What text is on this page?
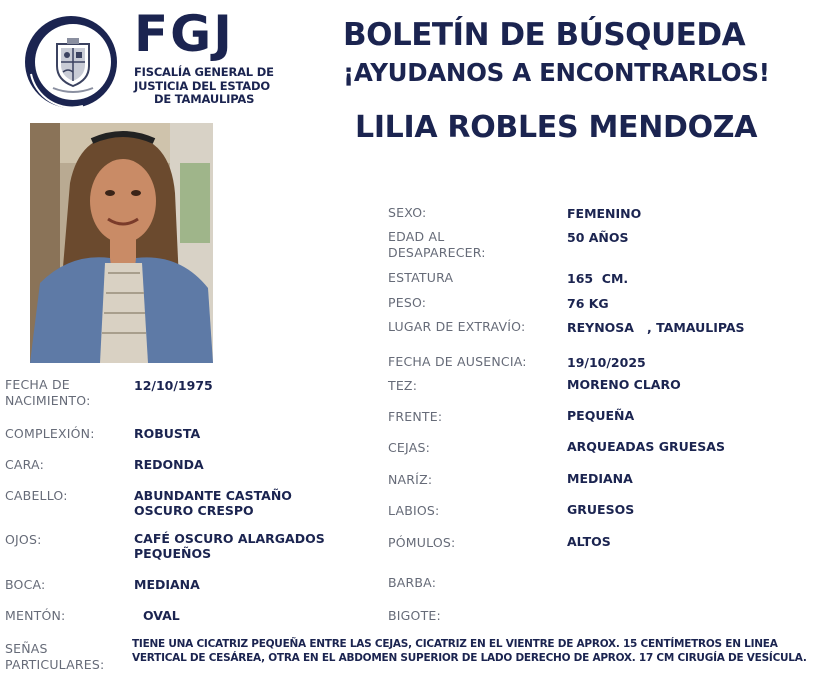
FGJ
FISCALÍA GENERAL DE
JUSTICIA DEL ESTADO
DE TAMAULIPAS
BOLETÍN DE BÚSQUEDA
¡AYUDANOS A ENCONTRARLOS!
LILIA ROBLES MENDOZA
SEXO:	FEMENINO
EDAD AL
DESAPARECER:
50 AÑOS
ESTATURA	165  CM.
PESO:	76 KG
LUGAR DE EXTRAVÍO:	REYNOSA   , TAMAULIPAS
FECHA DE AUSENCIA:	19/10/2025
TEZ:	MORENO CLARO
FRENTE:	PEQUEÑA
CEJAS:	ARQUEADAS GRUESAS
NARÍZ:	MEDIANA
LABIOS:	GRUESOS
PÓMULOS:	ALTOS
BARBA:
BIGOTE:
FECHA DE
NACIMIENTO:
12/10/1975
COMPLEXIÓN:	ROBUSTA
CARA:	REDONDA
CABELLO:	ABUNDANTE CASTAÑO
OSCURO CRESPO
OJOS:	CAFÉ OSCURO ALARGADOS
PEQUEÑOS
BOCA:	MEDIANA
MENTÓN:	OVAL
SEÑAS
PARTICULARES:
TIENE UNA CICATRIZ PEQUEÑA ENTRE LAS CEJAS, CICATRIZ EN EL VIENTRE DE APROX. 15 CENTÍMETROS EN LINEA VERTICAL DE CESÁREA, OTRA EN EL ABDOMEN SUPERIOR DE LADO DERECHO DE APROX. 17 CM CIRUGÍA DE VESÍCULA.
